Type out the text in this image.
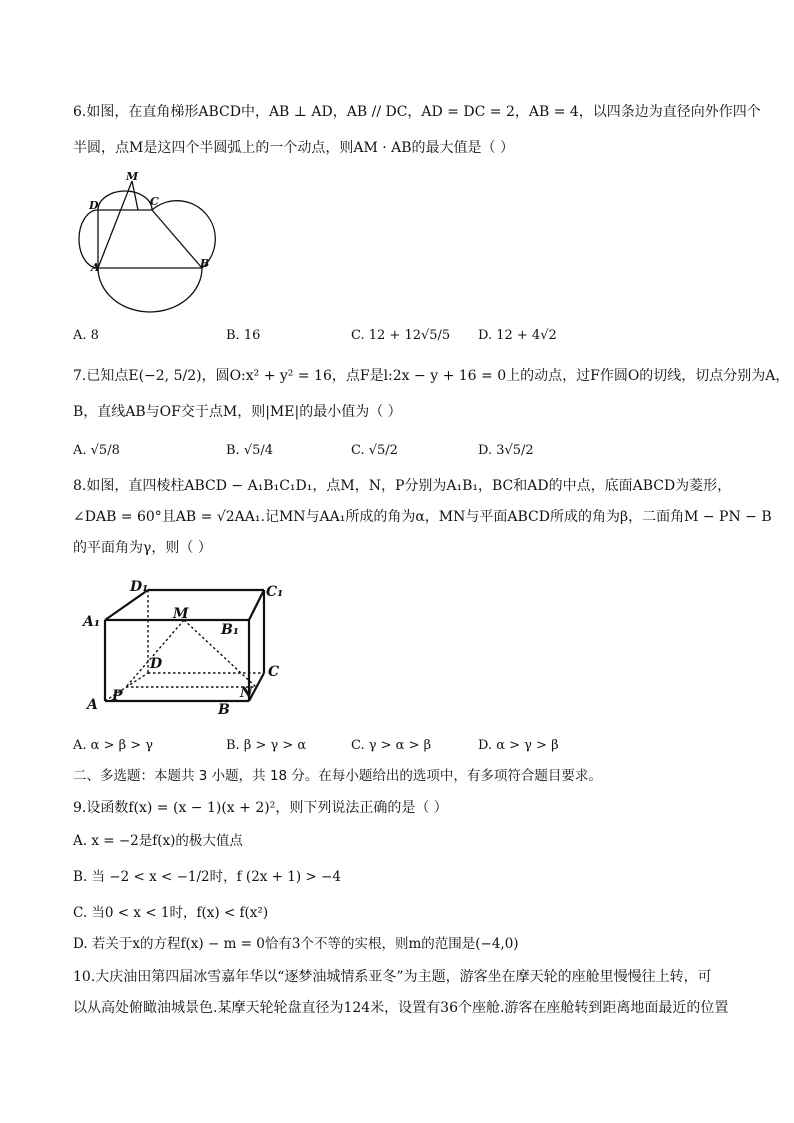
6.如图，在直角梯形ABCD中，AB ⊥ AD，AB // DC，AD = DC = 2，AB = 4，以四条边为直径向外作四个
半圆，点M是这四个半圆弧上的一个动点，则AM · AB的最大值是（ ）
M
D	C
A	B
A. 8	B. 16	C. 12 + 12√5/5 D. 12 + 4√2
7.已知点E(−2, 5/2)，圆O:x² + y² = 16，点F是l:2x − y + 16 = 0上的动点，过F作圆O的切线，切点分别为A，
B，直线AB与OF交于点M，则|ME|的最小值为（ ）
A. √5/8	B. √5/4	C. √5/2	D. 3√5/2
8.如图，直四棱柱ABCD − A₁B₁C₁D₁，点M，N，P分别为A₁B₁，BC和AD的中点，底面ABCD为菱形，
∠DAB = 60°且AB = √2AA₁.记MN与AA₁所成的角为α，MN与平面ABCD所成的角为β，二面角M − PN − B
的平面角为γ，则（ ）
D₁	C₁
A₁	M
B₁
D	C
A
P	N
B
A. α > β > γ	B. β > γ > α	C. γ > α > β	D. α > γ > β
二、多选题：本题共 3 小题，共 18 分。在每小题给出的选项中，有多项符合题目要求。
9.设函数f(x) = (x − 1)(x + 2)²，则下列说法正确的是（ ）
A. x = −2是f(x)的极大值点
B. 当 −2 < x < −1/2时，f (2x + 1) > −4
C. 当0 < x < 1时，f(x) < f(x²)
D. 若关于x的方程f(x) − m = 0恰有3个不等的实根，则m的范围是(−4,0)
10.大庆油田第四届冰雪嘉年华以“逐梦油城情系亚冬”为主题，游客坐在摩天轮的座舱里慢慢往上转，可
以从高处俯瞰油城景色.某摩天轮轮盘直径为124米，设置有36个座舱.游客在座舱转到距离地面最近的位置
